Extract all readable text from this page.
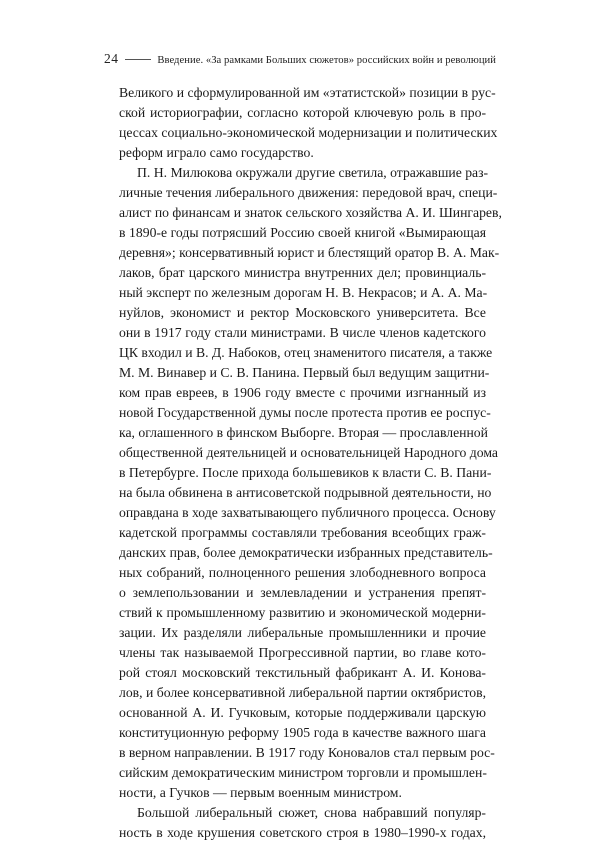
24	Введение. «За рамками Больших сюжетов» российских войн и революций
Великого и сформулированной им «этатистской» позиции в рус-
ской историографии, согласно которой ключевую роль в про-
цессах социально-экономической модернизации и политических
реформ играло само государство.
П. Н. Милюкова окружали другие светила, отражавшие раз-
личные течения либерального движения: передовой врач, специ-
алист по финансам и знаток сельского хозяйства А. И. Шингарев,
в 1890-е годы потрясший Россию своей книгой «Вымирающая
деревня»; консервативный юрист и блестящий оратор В. А. Мак-
лаков, брат царского министра внутренних дел; провинциаль-
ный эксперт по железным дорогам Н. В. Некрасов; и А. А. Ма-
нуйлов, экономист и ректор Московского университета. Все
они в 1917 году стали министрами. В числе членов кадетского
ЦК входил и В. Д. Набоков, отец знаменитого писателя, а также
М. М. Винавер и С. В. Панина. Первый был ведущим защитни-
ком прав евреев, в 1906 году вместе с прочими изгнанный из
новой Государственной думы после протеста против ее роспус-
ка, оглашенного в финском Выборге. Вторая — прославленной
общественной деятельницей и основательницей Народного дома
в Петербурге. После прихода большевиков к власти С. В. Пани-
на была обвинена в антисоветской подрывной деятельности, но
оправдана в ходе захватывающего публичного процесса. Основу
кадетской программы составляли требования всеобщих граж-
данских прав, более демократически избранных представитель-
ных собраний, полноценного решения злободневного вопроса
о землепользовании и землевладении и устранения препят-
ствий к промышленному развитию и экономической модерни-
зации. Их разделяли либеральные промышленники и прочие
члены так называемой Прогрессивной партии, во главе кото-
рой стоял московский текстильный фабрикант А. И. Конова-
лов, и более консервативной либеральной партии октябристов,
основанной А. И. Гучковым, которые поддерживали царскую
конституционную реформу 1905 года в качестве важного шага
в верном направлении. В 1917 году Коновалов стал первым рос-
сийским демократическим министром торговли и промышлен-
ности, а Гучков — первым военным министром.
Большой либеральный сюжет, снова набравший популяр-
ность в ходе крушения советского строя в 1980–1990-х годах,
